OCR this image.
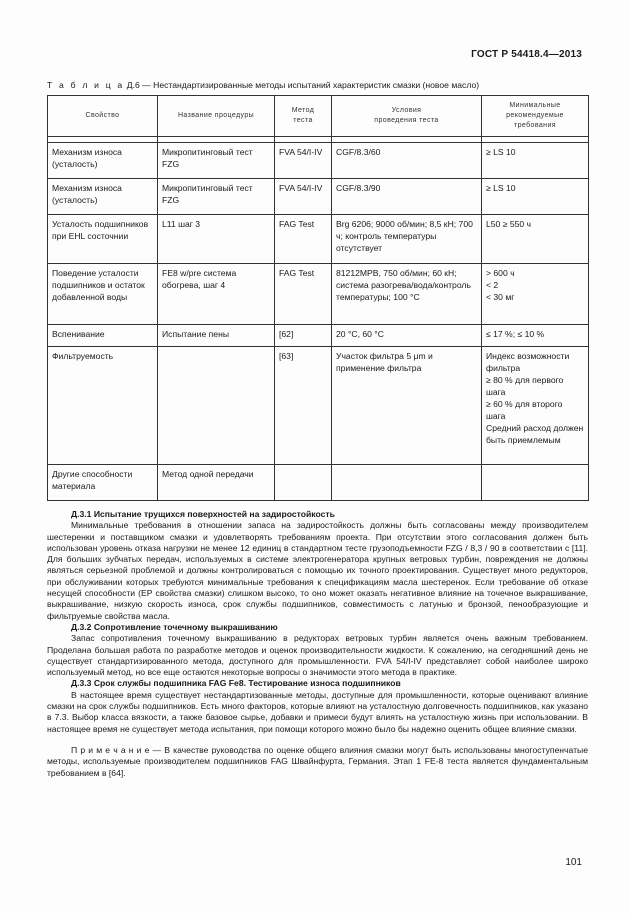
ГОСТ Р 54418.4—2013
Т а б л и ц а Д.6 — Нестандартизированные методы испытаний характеристик смазки (новое масло)
Свойство	Название процедуры	Метод теста	Условия проведения теста	Минимальные рекомендуемые требования

Механизм износа (усталость)	Микропитинговый тест FZG	FVA 54/I-IV	CGF/8.3/60	≥ LS 10
Механизм износа (усталость)	Микропитинговый тест FZG	FVA 54/I-IV	CGF/8.3/90	≥ LS 10
Усталость подшипников при EHL состочнии	L11 шаг 3	FAG Test	Brg 6206; 9000 об/мин; 8,5 кН; 700 ч; контроль температуры отсутствует	L50 ≥ 550 ч
Поведение усталости подшипников и остаток добавленной воды	FE8 w/pre система обогрева, шаг 4	FAG Test	81212MPB, 750 об/мин; 60 кН; система разогрева/вода/контроль температуры; 100 °С	> 600 ч
< 2
< 30 мг
Вспенивание	Испытание пены	[62]	20 °С, 60 °С	≤ 17 %; ≤ 10 %
Фильтруемость		[63]	Участок фильтра 5 μm и применение фильтра	Индекс возможности фильтра
≥ 80 % для первого шага
≥ 60 % для второго шага
Средний расход должен быть приемлемым
Другие способности материала	Метод одной передачи			

Д.3.1 Испытание трущихся поверхностей на задиростойкость

Минимальные требования в отношении запаса на задиростойкость должны быть согласованы между производителем шестеренки и поставщиком смазки и удовлетворять требованиям проекта. При отсутствии этого согласования должен быть использован уровень отказа нагрузки не менее 12 единиц в стандартном тесте грузоподъемности FZG / 8,3 / 90 в соответствии с [11]. Для больших зубчатых передач, используемых в системе электрогенератора крупных ветровых турбин, повреждения не должны являться серьезной проблемой и должны контролироваться с помощью их точного проектирования. Существует много редукторов, при обслуживании которых требуются минимальные требования к спецификациям масла шестеренок. Если требование об отказе несущей способности (ЕР свойства смазки) слишком высоко, то оно может оказать негативное влияние на точечное выкрашивание, выкрашивание, низкую скорость износа, срок службы подшипников, совместимость с латунью и бронзой, пенообразующие и фильтруемые свойства масла.

Д.3.2 Сопротивление точечному выкрашиванию

Запас сопротивления точечному выкрашиванию в редукторах ветровых турбин является очень важным требованием. Проделана большая работа по разработке методов и оценок производительности жидкости. К сожалению, на сегодняшний день не существует стандартизированного метода, доступного для промышленности. FVA 54/I-IV представляет собой наиболее широко используемый метод, но все еще остаются некоторые вопросы о значимости этого метода в практике.

Д.3.3 Срок службы подшипника FAG Fe8. Тестирование износа подшипников

В настоящее время существует нестандартизованные методы, доступные для промышленности, которые оценивают влияние смазки на срок службы подшипников. Есть много факторов, которые влияют на усталостную долговечность подшипников, как указано в 7.3. Выбор класса вязкости, а также базовое сырье, добавки и примеси будут влиять на усталостную жизнь при использовании. В настоящее время не существует метода испытания, при помощи которого можно было бы надежно оценить общее влияние смазки.

П р и м е ч а н и е — В качестве руководства по оценке общего влияния смазки могут быть использованы многоступенчатые методы, используемые производителем подшипников FAG Швайнфурта, Германия. Этап 1 FE-8 теста является фундаментальным требованием в [64].

101
